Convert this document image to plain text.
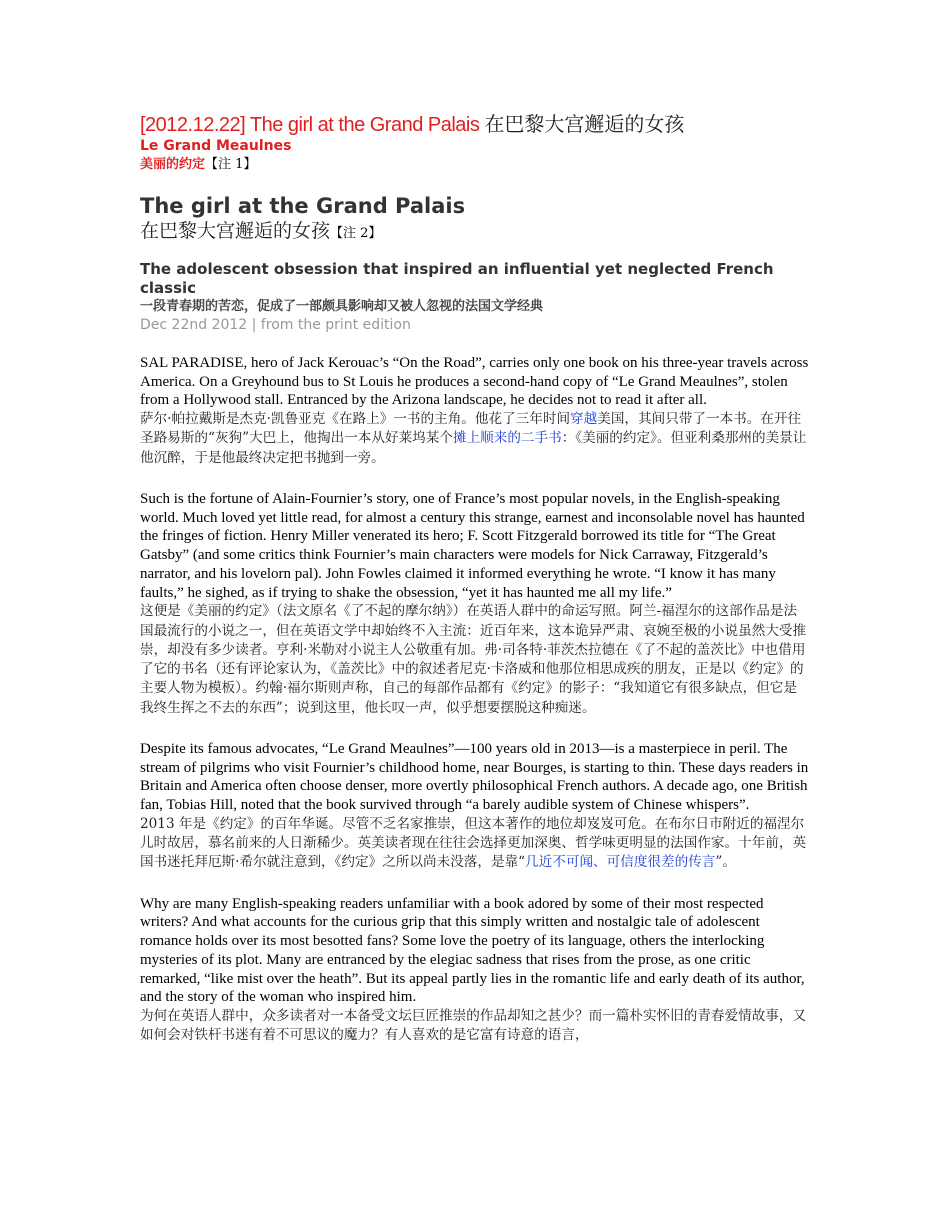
[2012.12.22] The girl at the Grand Palais 在巴黎大宫邂逅的女孩
Le Grand Meaulnes
美丽的约定【注 1】
The girl at the Grand Palais
在巴黎大宫邂逅的女孩【注 2】
The adolescent obsession that inspired an influential yet neglected French classic
一段青春期的苦恋，促成了一部颇具影响却又被人忽视的法国文学经典
Dec 22nd 2012 | from the print edition
SAL PARADISE, hero of Jack Kerouac’s “On the Road”, carries only one book on his three-year travels across America. On a Greyhound bus to St Louis he produces a second-hand copy of “Le Grand Meaulnes”, stolen from a Hollywood stall. Entranced by the Arizona landscape, he decides not to read it after all.
萨尔·帕拉戴斯是杰克·凯鲁亚克《在路上》一书的主角。他花了三年时间穿越美国，其间只带了一本书。在开往圣路易斯的“灰狗”大巴上，他掏出一本从好莱坞某个摊上顺来的二手书：《美丽的约定》。但亚利桑那州的美景让他沉醉，于是他最终决定把书抛到一旁。
Such is the fortune of Alain-Fournier’s story, one of France’s most popular novels, in the English-speaking world. Much loved yet little read, for almost a century this strange, earnest and inconsolable novel has haunted the fringes of fiction. Henry Miller venerated its hero; F. Scott Fitzgerald borrowed its title for “The Great Gatsby” (and some critics think Fournier’s main characters were models for Nick Carraway, Fitzgerald’s narrator, and his lovelorn pal). John Fowles claimed it informed everything he wrote. “I know it has many faults,” he sighed, as if trying to shake the obsession, “yet it has haunted me all my life.”
这便是《美丽的约定》（法文原名《了不起的摩尔纳》）在英语人群中的命运写照。阿兰-福涅尔的这部作品是法国最流行的小说之一，但在英语文学中却始终不入主流：近百年来，这本诡异严肃、哀婉至极的小说虽然大受推崇，却没有多少读者。亨利·米勒对小说主人公敬重有加。弗·司各特·菲茨杰拉德在《了不起的盖茨比》中也借用了它的书名（还有评论家认为，《盖茨比》中的叙述者尼克·卡洛威和他那位相思成疾的朋友，正是以《约定》的主要人物为模板）。约翰·福尔斯则声称，自己的每部作品都有《约定》的影子：“我知道它有很多缺点，但它是我终生挥之不去的东西”；说到这里，他长叹一声，似乎想要摆脱这种痴迷。
Despite its famous advocates, “Le Grand Meaulnes”—100 years old in 2013—is a masterpiece in peril. The stream of pilgrims who visit Fournier’s childhood home, near Bourges, is starting to thin. These days readers in Britain and America often choose denser, more overtly philosophical French authors. A decade ago, one British fan, Tobias Hill, noted that the book survived through “a barely audible system of Chinese whispers”.
2013 年是《约定》的百年华诞。尽管不乏名家推崇，但这本著作的地位却岌岌可危。在布尔日市附近的福涅尔儿时故居，慕名前来的人日渐稀少。英美读者现在往往会选择更加深奥、哲学味更明显的法国作家。十年前，英国书迷托拜厄斯·希尔就注意到，《约定》之所以尚未没落，是靠“几近不可闻、可信度很差的传言”。
Why are many English-speaking readers unfamiliar with a book adored by some of their most respected writers? And what accounts for the curious grip that this simply written and nostalgic tale of adolescent romance holds over its most besotted fans? Some love the poetry of its language, others the interlocking mysteries of its plot. Many are entranced by the elegiac sadness that rises from the prose, as one critic remarked, “like mist over the heath”. But its appeal partly lies in the romantic life and early death of its author, and the story of the woman who inspired him.
为何在英语人群中，众多读者对一本备受文坛巨匠推崇的作品却知之甚少？而一篇朴实怀旧的青春爱情故事，又如何会对铁杆书迷有着不可思议的魔力？有人喜欢的是它富有诗意的语言，
